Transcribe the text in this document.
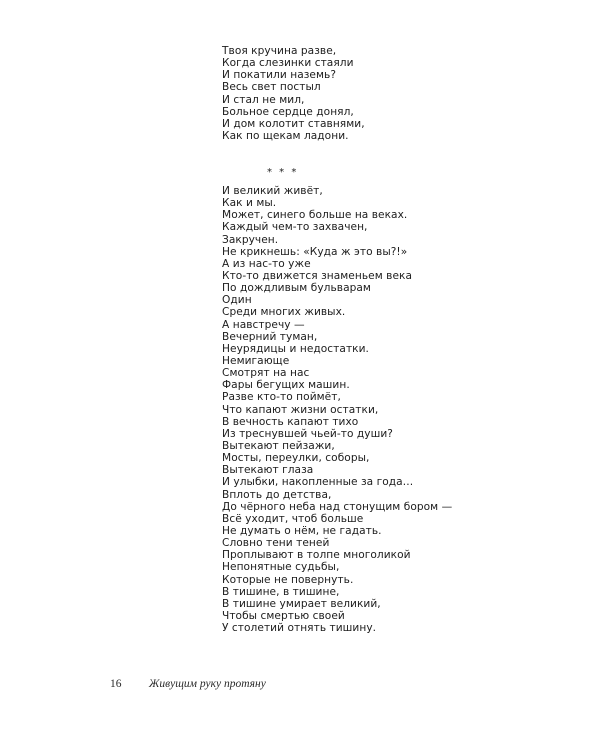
Твоя кручина разве,
Когда слезинки стаяли
И покатили наземь?
Весь свет постыл
И стал не мил,
Больное сердце донял,
И дом колотит ставнями,
Как по щекам ладони.
* * *
И великий живёт,
Как и мы.
Может, синего больше на веках.
Каждый чем-то захвачен,
Закручен.
Не крикнешь: «Куда ж это вы?!»
А из нас-то уже
Кто-то движется знаменьем века
По дождливым бульварам
Один
Среди многих живых.
А навстречу —
Вечерний туман,
Неурядицы и недостатки.
Немигающе
Смотрят на нас
Фары бегущих машин.
Разве кто-то поймёт,
Что капают жизни остатки,
В вечность капают тихо
Из треснувшей чьей-то души?
Вытекают пейзажи,
Мосты, переулки, соборы,
Вытекают глаза
И улыбки, накопленные за года…
Вплоть до детства,
До чёрного неба над стонущим бором —
Всё уходит, чтоб больше
Не думать о нём, не гадать.
Словно тени теней
Проплывают в толпе многоликой
Непонятные судьбы,
Которые не повернуть.
В тишине, в тишине,
В тишине умирает великий,
Чтобы смертью своей
У столетий отнять тишину.
16 Живущим руку протяну
